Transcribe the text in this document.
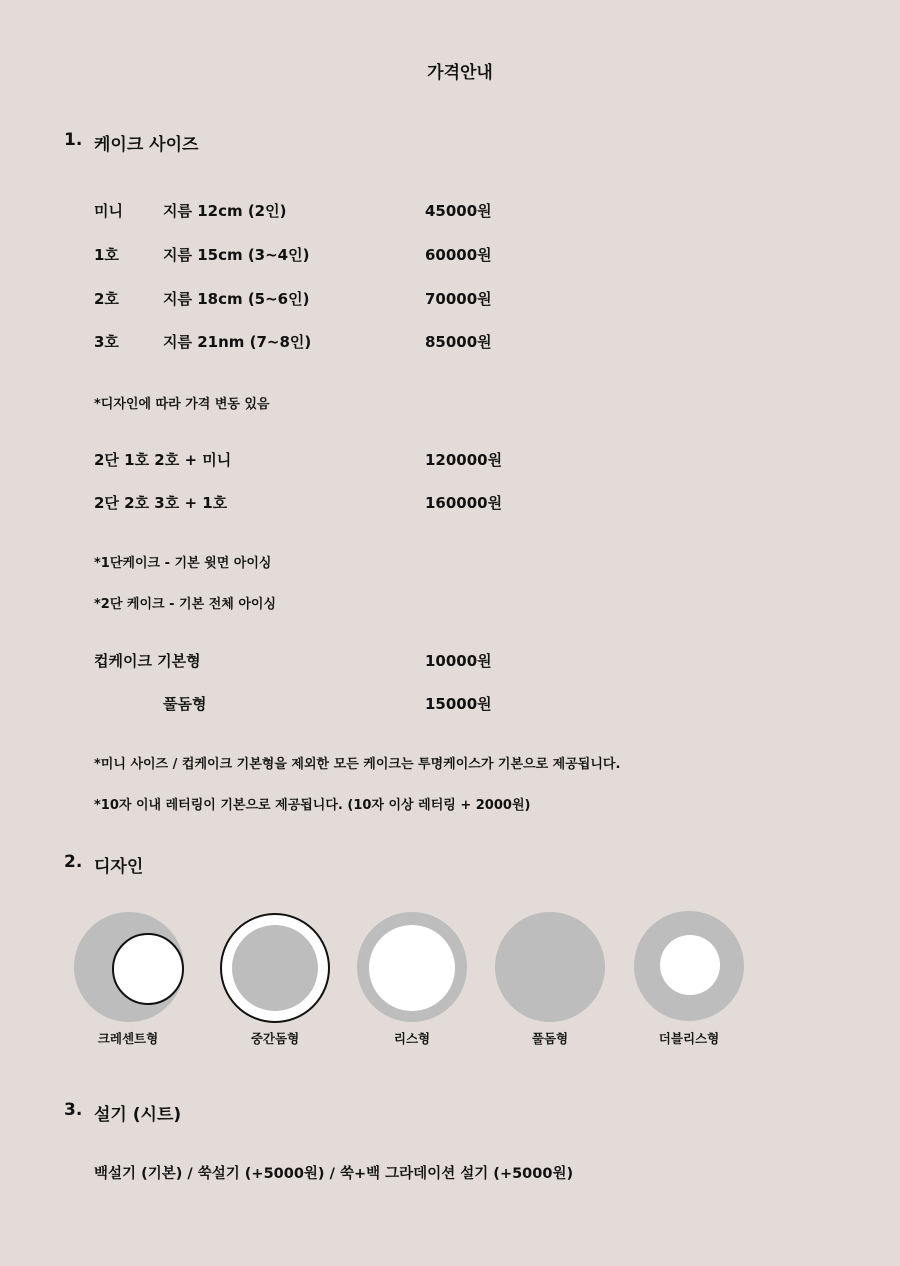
가격안내
1. 케이크 사이즈
미니	지름 12cm (2인)	45000원
1호	지름 15cm (3~4인)	60000원
2호	지름 18cm (5~6인)	70000원
3호	지름 21nm (7~8인)	85000원
*디자인에 따라 가격 변동 있음
2단 1호 2호 + 미니	120000원
2단 2호 3호 + 1호	160000원
*1단케이크 - 기본 윗면 아이싱
*2단 케이크 - 기본 전체 아이싱
컵케이크 기본형	10000원
풀돔형	15000원
*미니 사이즈 / 컵케이크 기본형을 제외한 모든 케이크는 투명케이스가 기본으로 제공됩니다.
*10자 이내 레터링이 기본으로 제공됩니다. (10자 이상 레터링 + 2000원)
2. 디자인
크레센트형	중간돔형	리스형	풀돔형	더블리스형
3. 설기 (시트)
백설기 (기본) / 쑥설기 (+5000원) / 쑥+백 그라데이션 설기 (+5000원)
